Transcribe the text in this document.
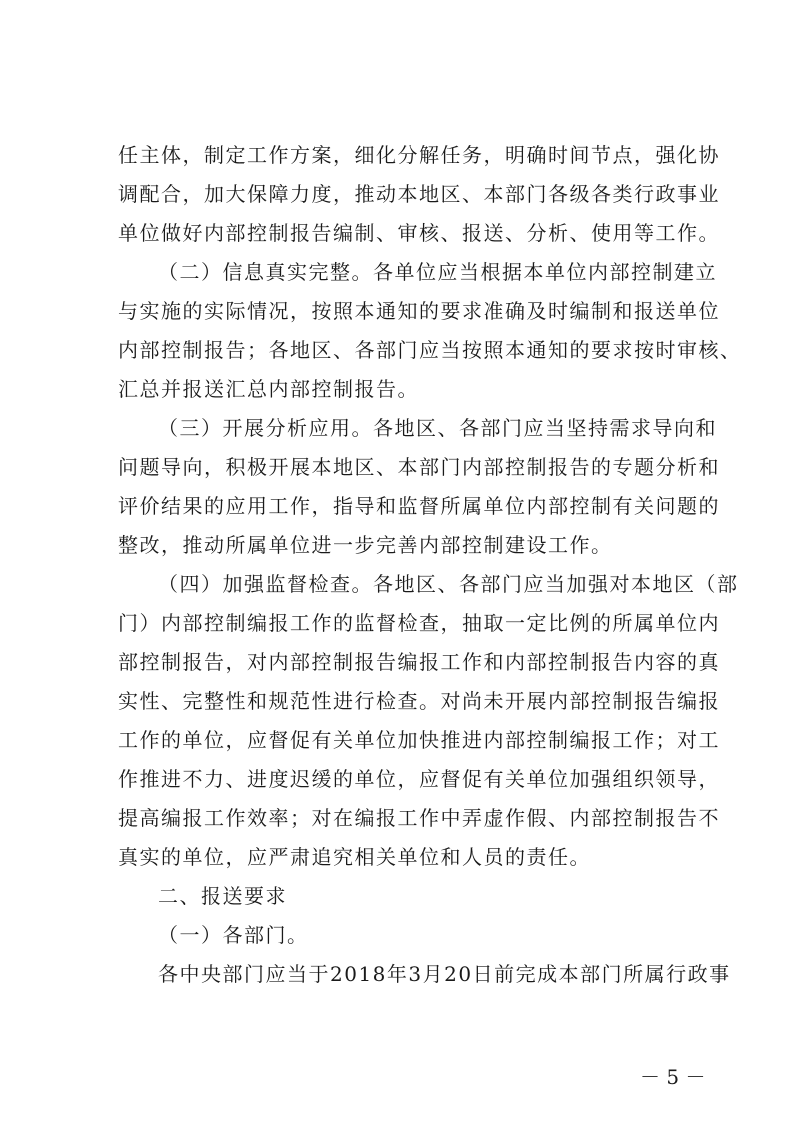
任主体，制定工作方案，细化分解任务，明确时间节点，强化协
调配合，加大保障力度，推动本地区、本部门各级各类行政事业
单位做好内部控制报告编制、审核、报送、分析、使用等工作。
（二）信息真实完整。各单位应当根据本单位内部控制建立
与实施的实际情况，按照本通知的要求准确及时编制和报送单位
内部控制报告；各地区、各部门应当按照本通知的要求按时审核、
汇总并报送汇总内部控制报告。
（三）开展分析应用。各地区、各部门应当坚持需求导向和
问题导向，积极开展本地区、本部门内部控制报告的专题分析和
评价结果的应用工作，指导和监督所属单位内部控制有关问题的
整改，推动所属单位进一步完善内部控制建设工作。
（四）加强监督检查。各地区、各部门应当加强对本地区（部
门）内部控制编报工作的监督检查，抽取一定比例的所属单位内
部控制报告，对内部控制报告编报工作和内部控制报告内容的真
实性、完整性和规范性进行检查。对尚未开展内部控制报告编报
工作的单位，应督促有关单位加快推进内部控制编报工作；对工
作推进不力、进度迟缓的单位，应督促有关单位加强组织领导，
提高编报工作效率；对在编报工作中弄虚作假、内部控制报告不
真实的单位，应严肃追究相关单位和人员的责任。
二、报送要求
（一）各部门。
各中央部门应当于2018年3月20日前完成本部门所属行政事
－ 5 －
